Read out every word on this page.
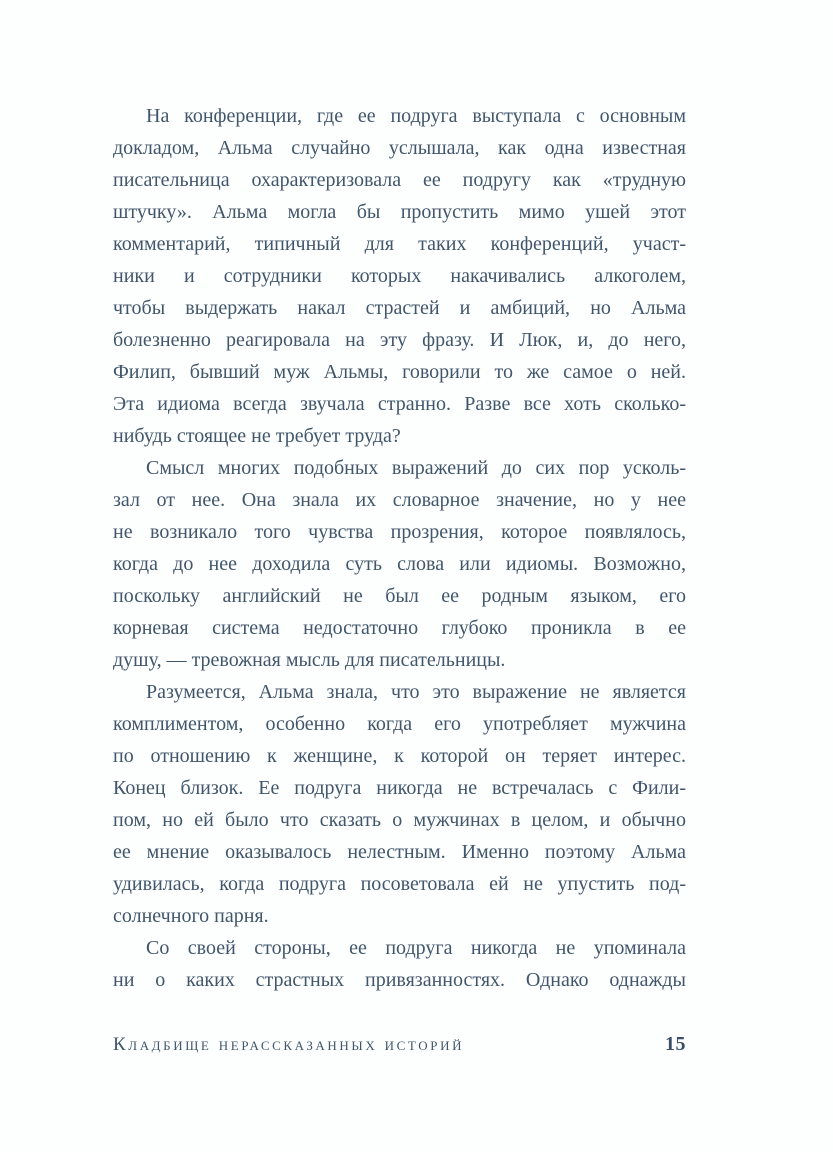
На конференции, где ее подруга выступала с основным
докладом, Альма случайно услышала, как одна известная
писательница охарактеризовала ее подругу как «трудную
штучку». Альма могла бы пропустить мимо ушей этот
комментарий, типичный для таких конференций, участ-
ники и сотрудники которых накачивались алкоголем,
чтобы выдержать накал страстей и амбиций, но Альма
болезненно реагировала на эту фразу. И Люк, и, до него,
Филип, бывший муж Альмы, говорили то же самое о ней.
Эта идиома всегда звучала странно. Разве все хоть сколько-
нибудь стоящее не требует труда?
Смысл многих подобных выражений до сих пор усколь-
зал от нее. Она знала их словарное значение, но у нее
не возникало того чувства прозрения, которое появлялось,
когда до нее доходила суть слова или идиомы. Возможно,
поскольку английский не был ее родным языком, его
корневая система недостаточно глубоко проникла в ее
душу, — тревожная мысль для писательницы.
Разумеется, Альма знала, что это выражение не является
комплиментом, особенно когда его употребляет мужчина
по отношению к женщине, к которой он теряет интерес.
Конец близок. Ее подруга никогда не встречалась с Фили-
пом, но ей было что сказать о мужчинах в целом, и обычно
ее мнение оказывалось нелестным. Именно поэтому Альма
удивилась, когда подруга посоветовала ей не упустить под-
солнечного парня.
Со своей стороны, ее подруга никогда не упоминала
ни о каких страстных привязанностях. Однако однажды
Кладбище нерассказанных историй	15
